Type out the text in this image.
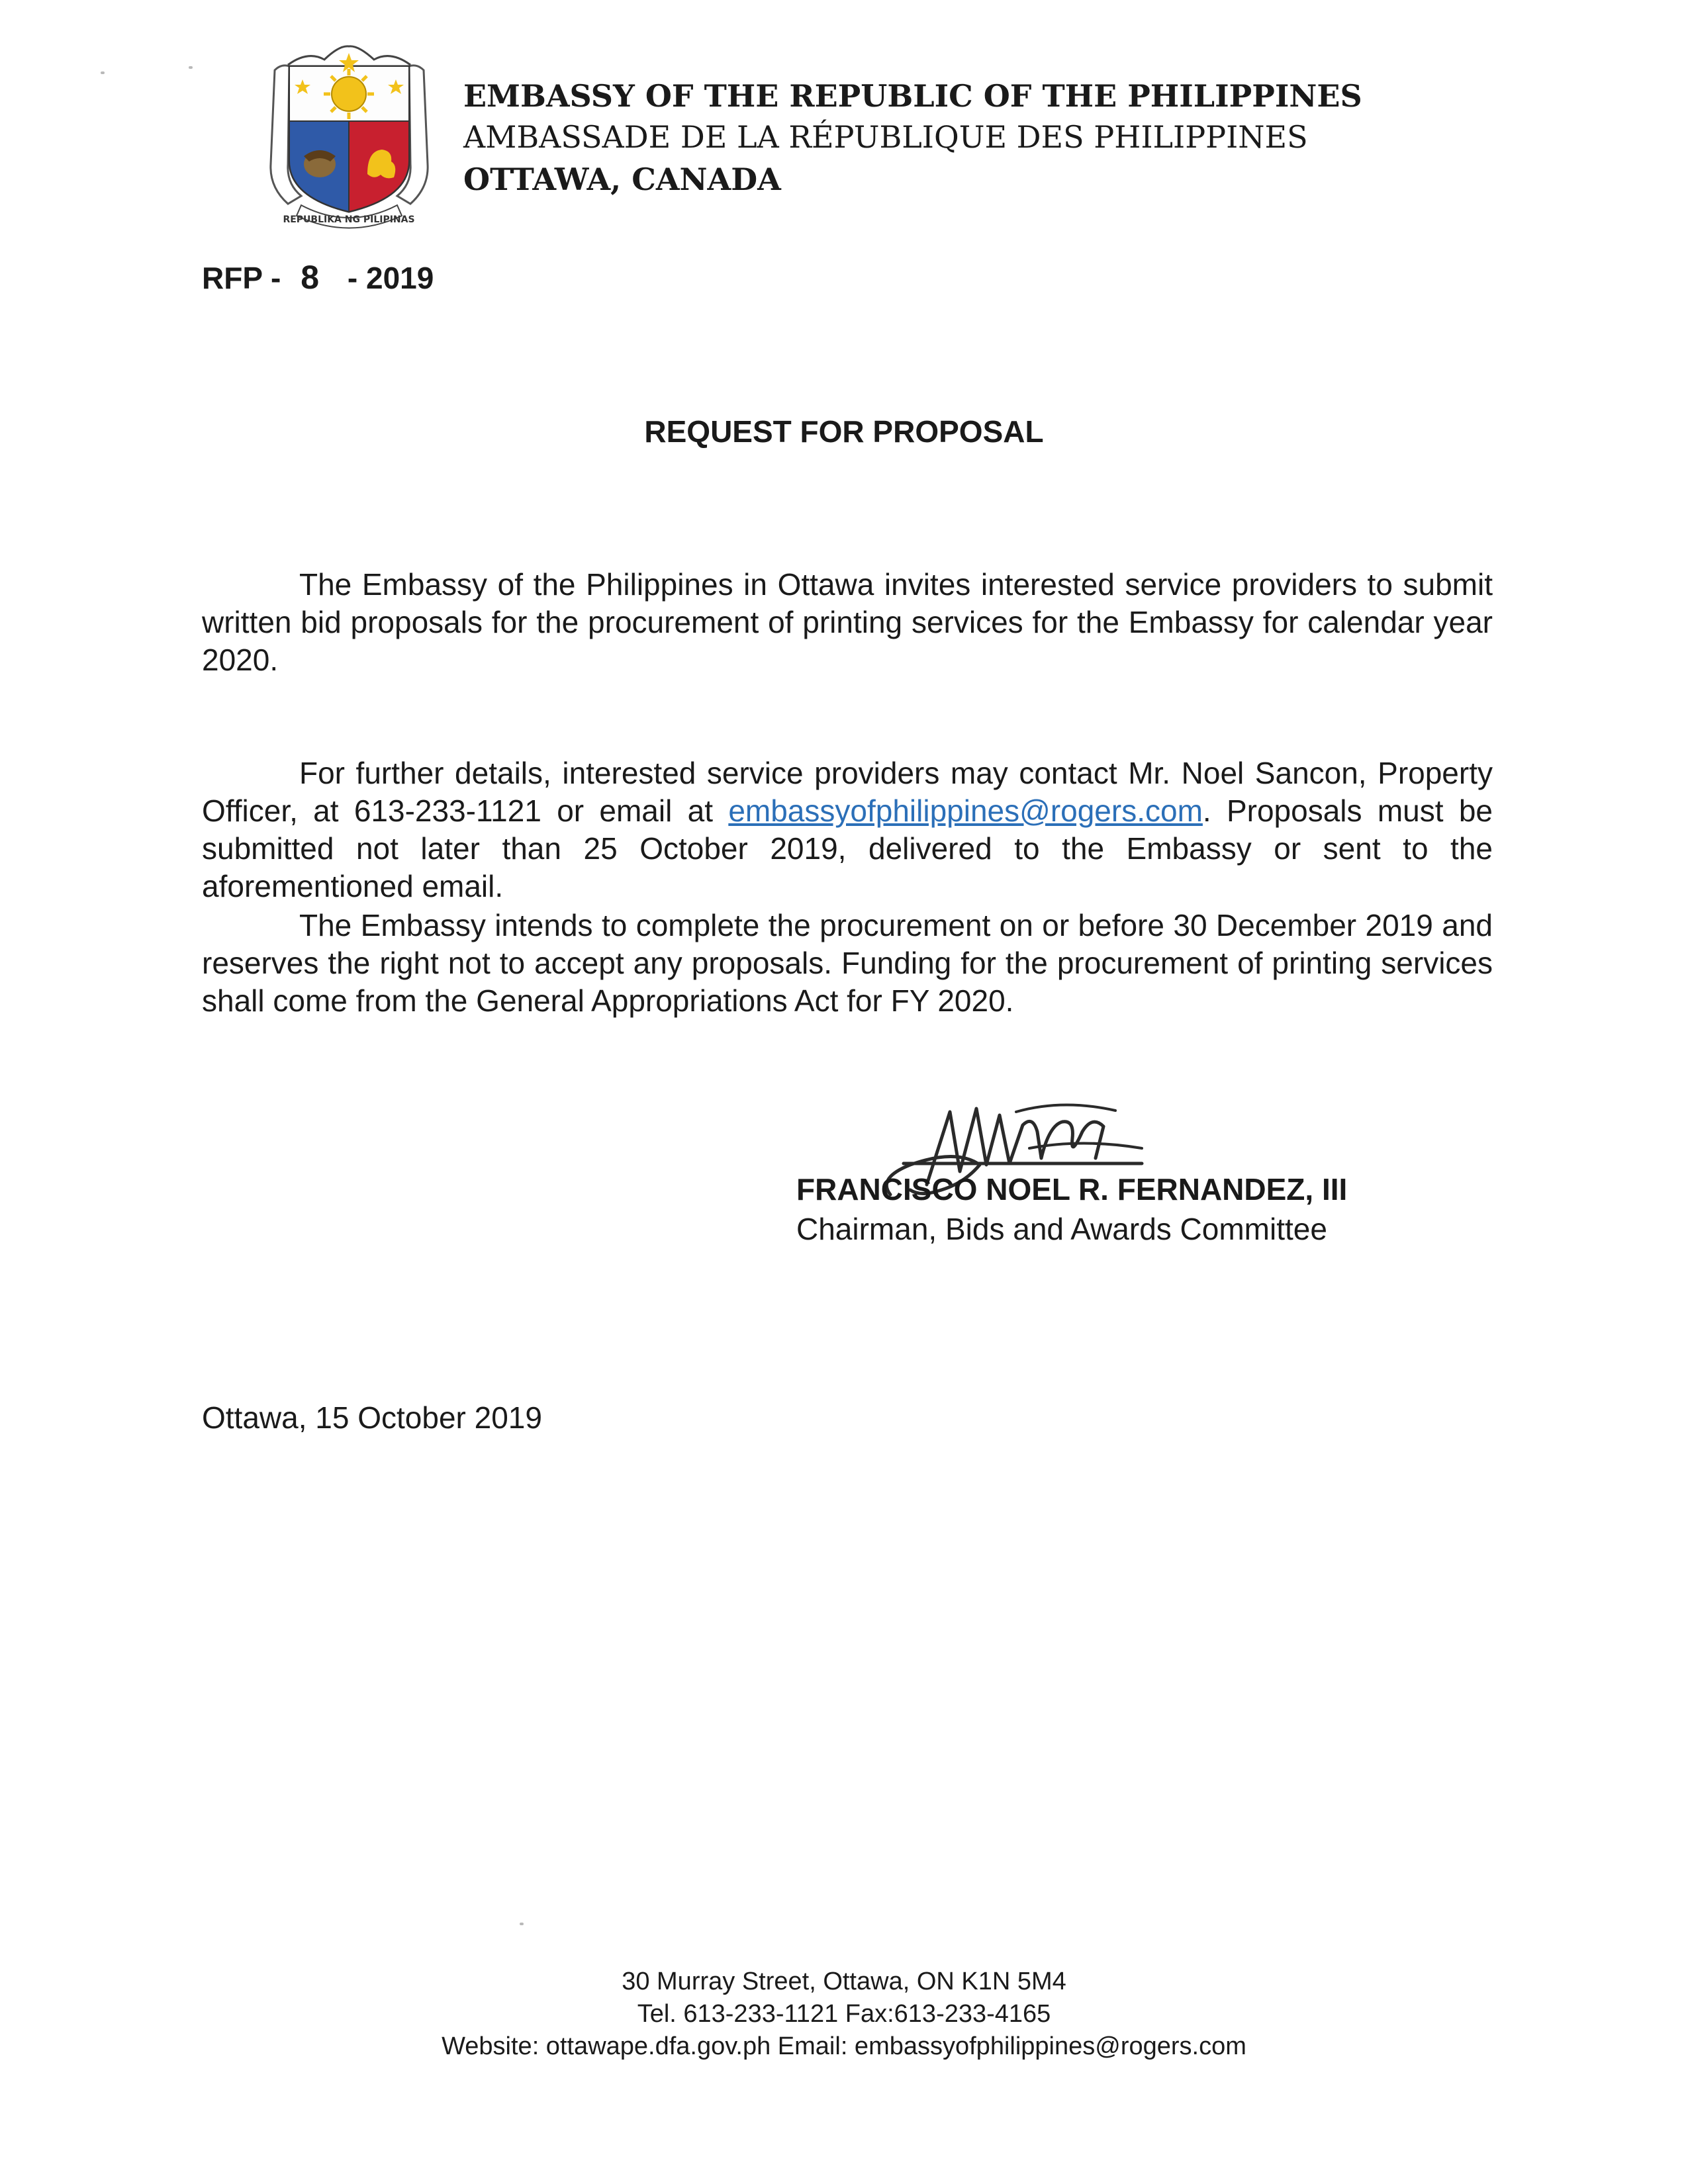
REPUBLIKA NG PILIPINAS
EMBASSY OF THE REPUBLIC OF THE PHILIPPINES
AMBASSADE DE LA RÉPUBLIQUE DES PHILIPPINES
OTTAWA, CANADA
RFP - 8 - 2019
REQUEST FOR PROPOSAL

The Embassy of the Philippines in Ottawa invites interested service providers to submit written bid proposals for the procurement of printing services for the Embassy for calendar year 2020.

For further details, interested service providers may contact Mr. Noel Sancon, Property Officer, at 613-233-1121 or email at embassyofphilippines@rogers.com. Proposals must be submitted not later than 25 October 2019, delivered to the Embassy or sent to the aforementioned email.

The Embassy intends to complete the procurement on or before 30 December 2019 and reserves the right not to accept any proposals. Funding for the procurement of printing services shall come from the General Appropriations Act for FY 2020.

FRANCISCO NOEL R. FERNANDEZ, III
Chairman, Bids and Awards Committee
Ottawa, 15 October 2019
30 Murray Street, Ottawa, ON K1N 5M4
Tel. 613-233-1121 Fax:613-233-4165
Website: ottawape.dfa.gov.ph Email: embassyofphilippines@rogers.com
